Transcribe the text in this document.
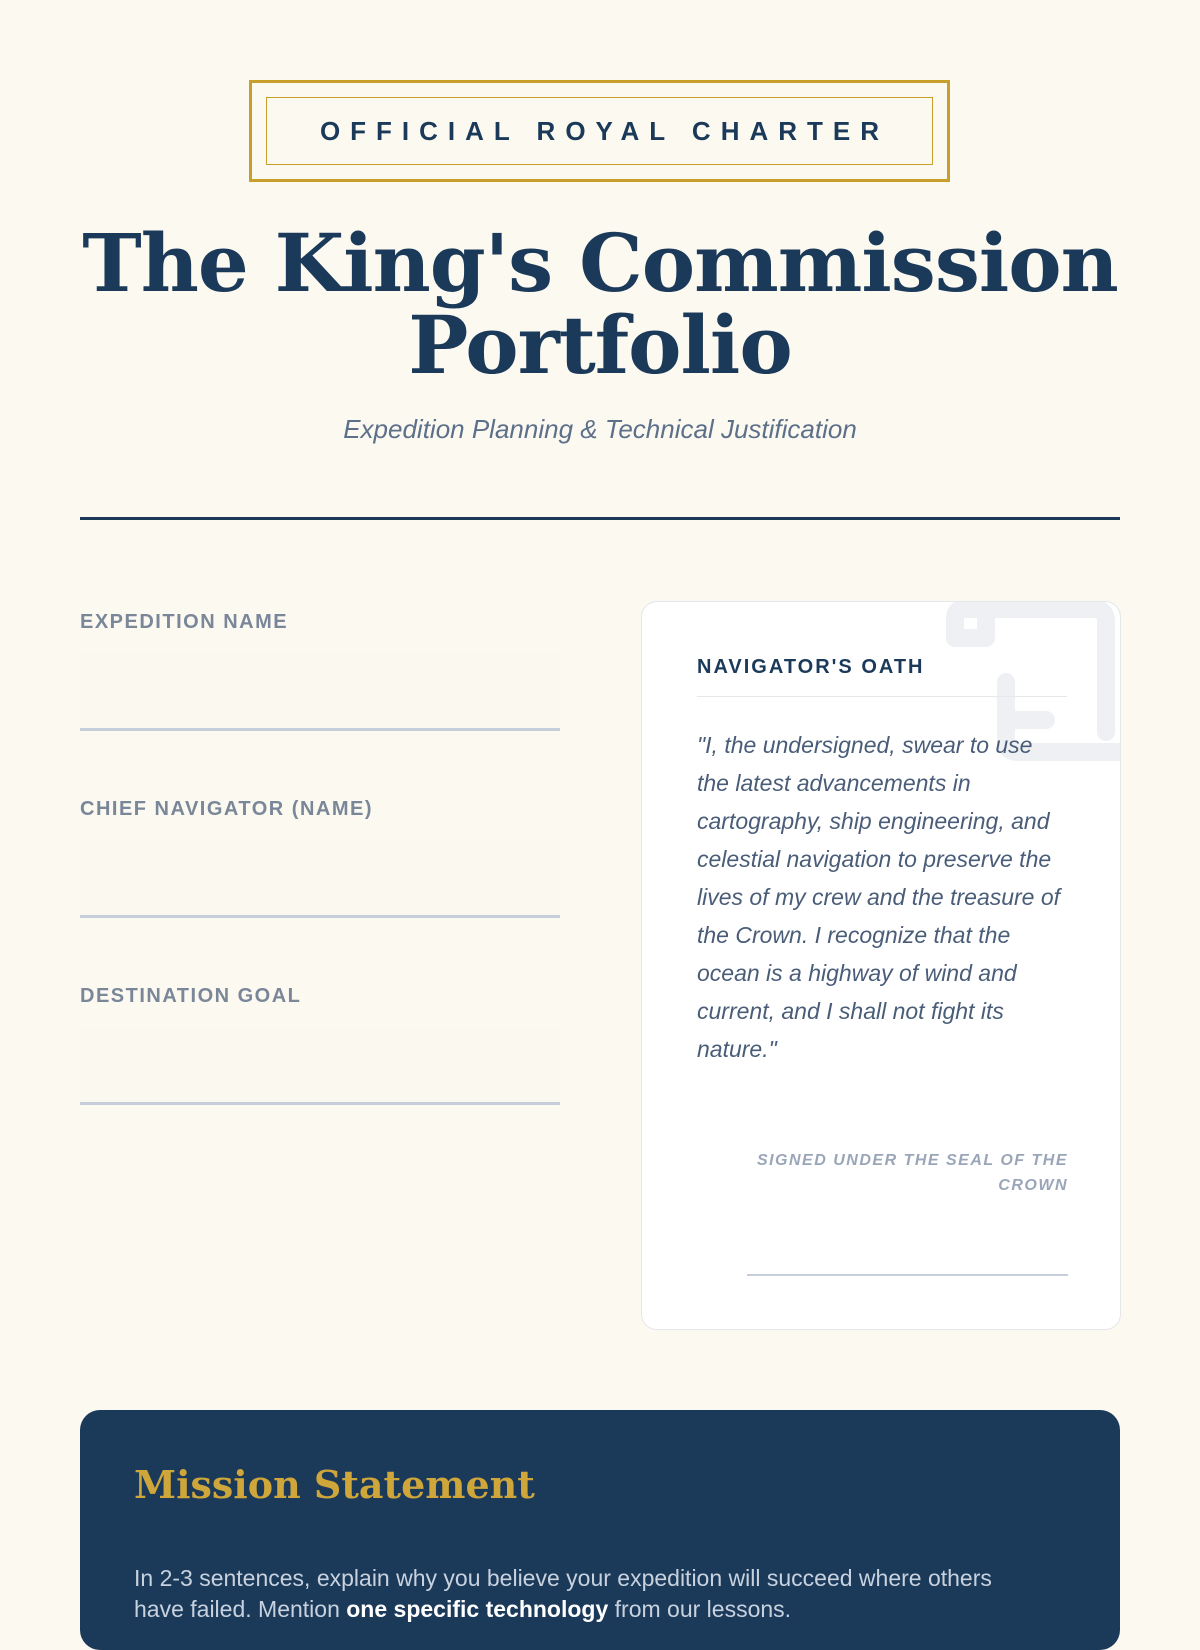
OFFICIAL ROYAL CHARTER
The King's Commission Portfolio
Expedition Planning & Technical Justification
EXPEDITION NAME
CHIEF NAVIGATOR (NAME)
DESTINATION GOAL
NAVIGATOR'S OATH
"I, the undersigned, swear to use the latest advancements in cartography, ship engineering, and celestial navigation to preserve the lives of my crew and the treasure of the Crown. I recognize that the ocean is a highway of wind and current, and I shall not fight its nature."
SIGNED UNDER THE SEAL OF THE CROWN
Mission Statement

In 2-3 sentences, explain why you believe your expedition will succeed where others have failed. Mention one specific technology from our lessons.
